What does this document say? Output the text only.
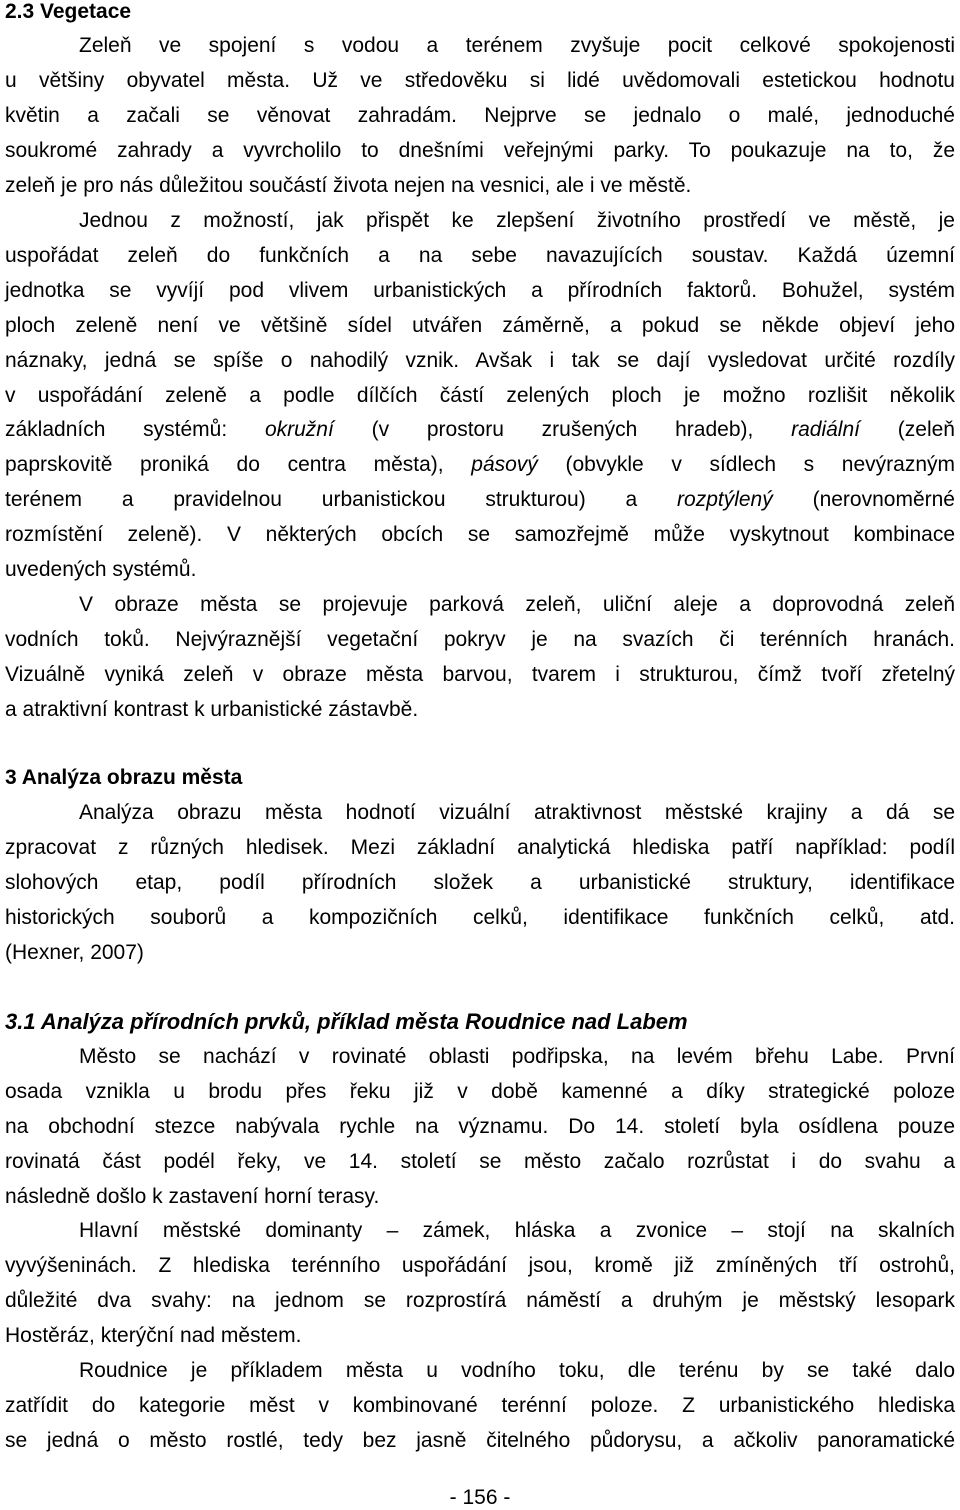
2.3 Vegetace
Zeleň ve spojení s vodou a terénem zvyšuje pocit celkové spokojenosti
u většiny obyvatel města. Už ve středověku si lidé uvědomovali estetickou hodnotu
květin a začali se věnovat zahradám. Nejprve se jednalo o malé, jednoduché
soukromé zahrady a vyvrcholilo to dnešními veřejnými parky. To poukazuje na to, že
zeleň je pro nás důležitou součástí života nejen na vesnici, ale i ve městě.
Jednou z možností, jak přispět ke zlepšení životního prostředí ve městě, je
uspořádat zeleň do funkčních a na sebe navazujících soustav. Každá územní
jednotka se vyvíjí pod vlivem urbanistických a přírodních faktorů. Bohužel, systém
ploch zeleně není ve většině sídel utvářen záměrně, a pokud se někde objeví jeho
náznaky, jedná se spíše o nahodilý vznik. Avšak i tak se dají vysledovat určité rozdíly
v uspořádání zeleně a podle dílčích částí zelených ploch je možno rozlišit několik
základních systémů: okružní (v prostoru zrušených hradeb), radiální (zeleň
paprskovitě proniká do centra města), pásový (obvykle v sídlech s nevýrazným
terénem a pravidelnou urbanistickou strukturou) a rozptýlený (nerovnoměrné
rozmístění zeleně). V některých obcích se samozřejmě může vyskytnout kombinace
uvedených systémů.
V obraze města se projevuje parková zeleň, uliční aleje a doprovodná zeleň
vodních toků. Nejvýraznější vegetační pokryv je na svazích či terénních hranách.
Vizuálně vyniká zeleň v obraze města barvou, tvarem i strukturou, čímž tvoří zřetelný
a atraktivní kontrast k urbanistické zástavbě.
3 Analýza obrazu města
Analýza obrazu města hodnotí vizuální atraktivnost městské krajiny a dá se
zpracovat z různých hledisek. Mezi základní analytická hlediska patří například: podíl
slohových etap, podíl přírodních složek a urbanistické struktury, identifikace
historických souborů a kompozičních celků, identifikace funkčních celků, atd.
(Hexner, 2007)
3.1 Analýza přírodních prvků, příklad města Roudnice nad Labem
Město se nachází v rovinaté oblasti podřipska, na levém břehu Labe. První
osada vznikla u brodu přes řeku již v době kamenné a díky strategické poloze
na obchodní stezce nabývala rychle na významu. Do 14. století byla osídlena pouze
rovinatá část podél řeky, ve 14. století se město začalo rozrůstat i do svahu a
následně došlo k zastavení horní terasy.
Hlavní městské dominanty – zámek, hláska a zvonice – stojí na skalních
vyvýšeninách. Z hlediska terénního uspořádání jsou, kromě již zmíněných tří ostrohů,
důležité dva svahy: na jednom se rozprostírá náměstí a druhým je městský lesopark
Hostěráz, kterýční nad městem.
Roudnice je příkladem města u vodního toku, dle terénu by se také dalo
zatřídit do kategorie měst v kombinované terénní poloze. Z urbanistického hlediska
se jedná o město rostlé, tedy bez jasně čitelného půdorysu, a ačkoliv panoramatické
- 156 -
